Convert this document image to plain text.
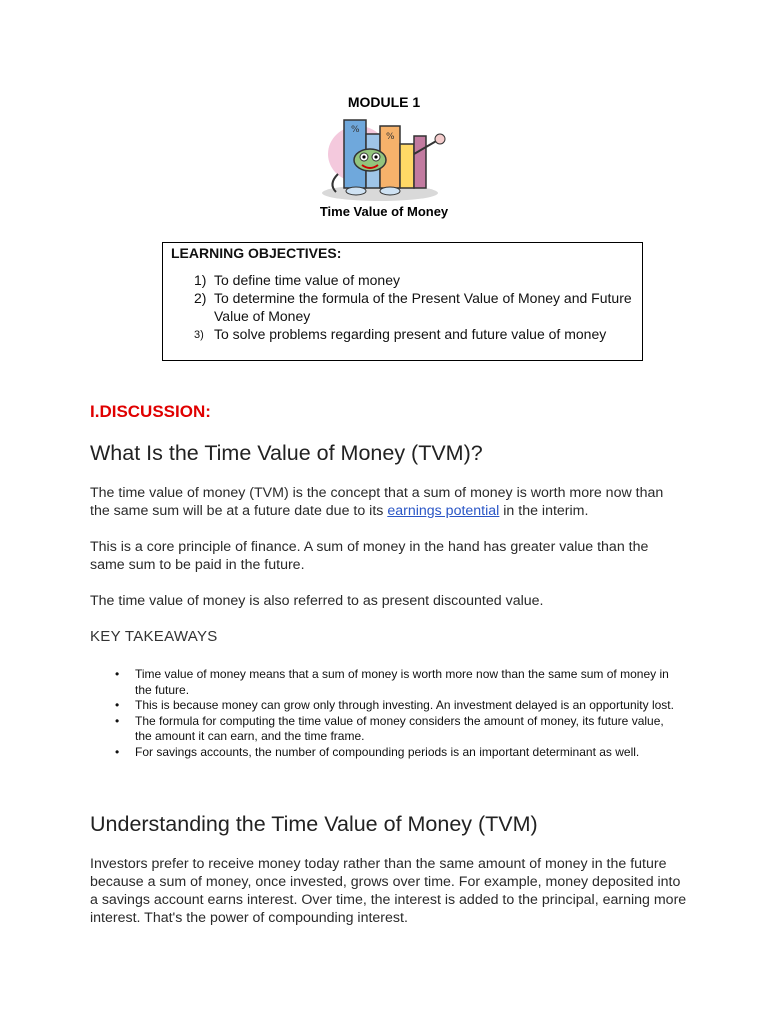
MODULE 1
%
%
Time Value of Money
LEARNING OBJECTIVES:
1) To define time value of money
2) To determine the formula of the Present Value of Money and Future Value of Money
3) To solve problems regarding present and future value of money
I.DISCUSSION:
What Is the Time Value of Money (TVM)?

The time value of money (TVM) is the concept that a sum of money is worth more now than the same sum will be at a future date due to its earnings potential in the interim.

This is a core principle of finance. A sum of money in the hand has greater value than the same sum to be paid in the future.

The time value of money is also referred to as present discounted value.

KEY TAKEAWAYS
• Time value of money means that a sum of money is worth more now than the same sum of money in the future.
• This is because money can grow only through investing. An investment delayed is an opportunity lost.
• The formula for computing the time value of money considers the amount of money, its future value, the amount it can earn, and the time frame.
• For savings accounts, the number of compounding periods is an important determinant as well.
Understanding the Time Value of Money (TVM)

Investors prefer to receive money today rather than the same amount of money in the future because a sum of money, once invested, grows over time. For example, money deposited into a savings account earns interest. Over time, the interest is added to the principal, earning more interest. That's the power of compounding interest.
